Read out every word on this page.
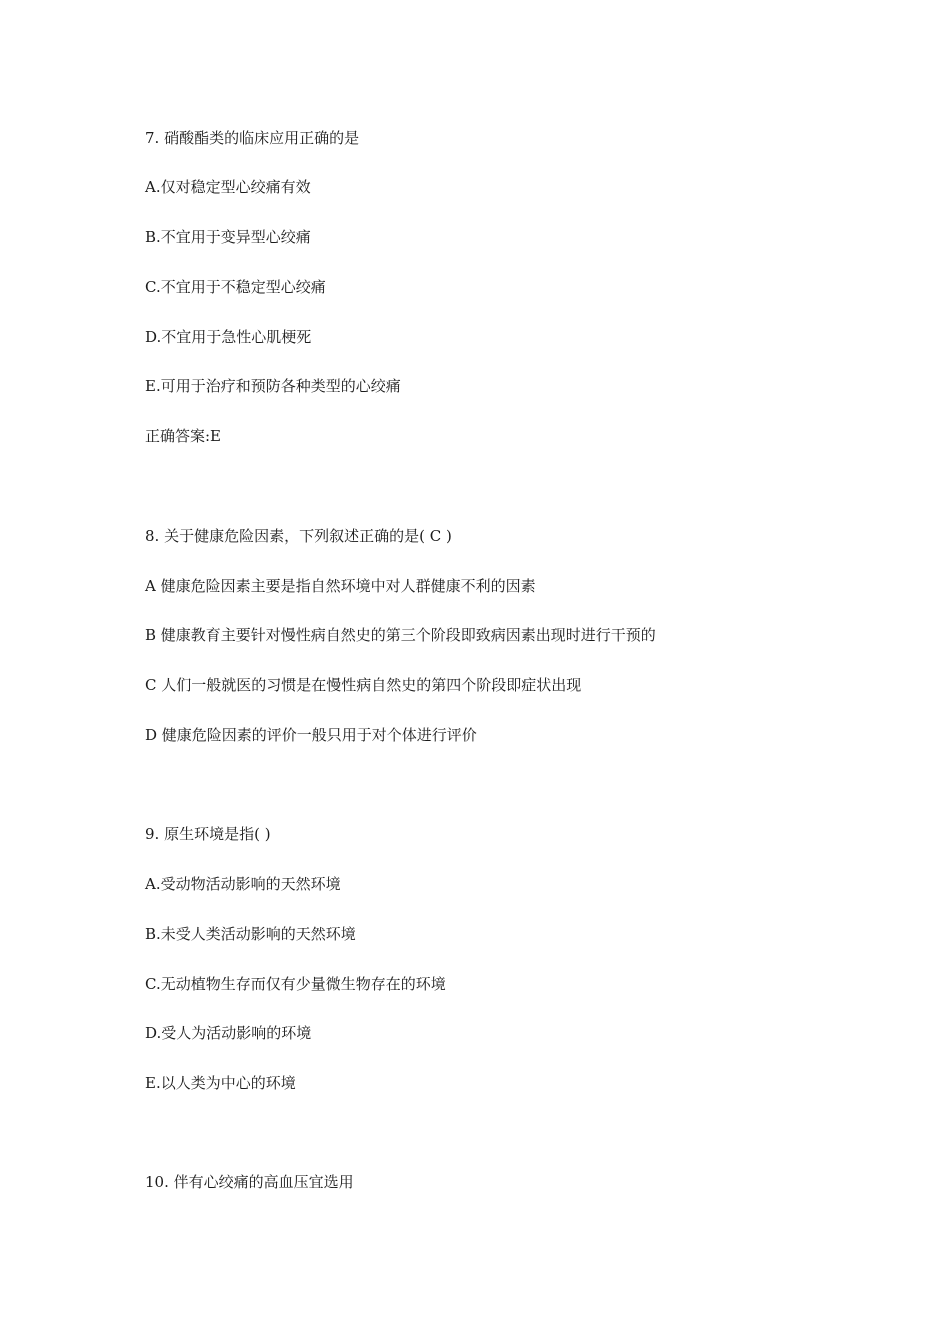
7. 硝酸酯类的临床应用正确的是
A.仅对稳定型心绞痛有效
B.不宜用于变异型心绞痛
C.不宜用于不稳定型心绞痛
D.不宜用于急性心肌梗死
E.可用于治疗和预防各种类型的心绞痛
正确答案:E
8. 关于健康危险因素，下列叙述正确的是( C )
A 健康危险因素主要是指自然环境中对人群健康不利的因素
B 健康教育主要针对慢性病自然史的第三个阶段即致病因素出现时进行干预的
C 人们一般就医的习惯是在慢性病自然史的第四个阶段即症状出现
D 健康危险因素的评价一般只用于对个体进行评价
9. 原生环境是指( )
A.受动物活动影响的天然环境
B.未受人类活动影响的天然环境
C.无动植物生存而仅有少量微生物存在的环境
D.受人为活动影响的环境
E.以人类为中心的环境
10. 伴有心绞痛的高血压宜选用
